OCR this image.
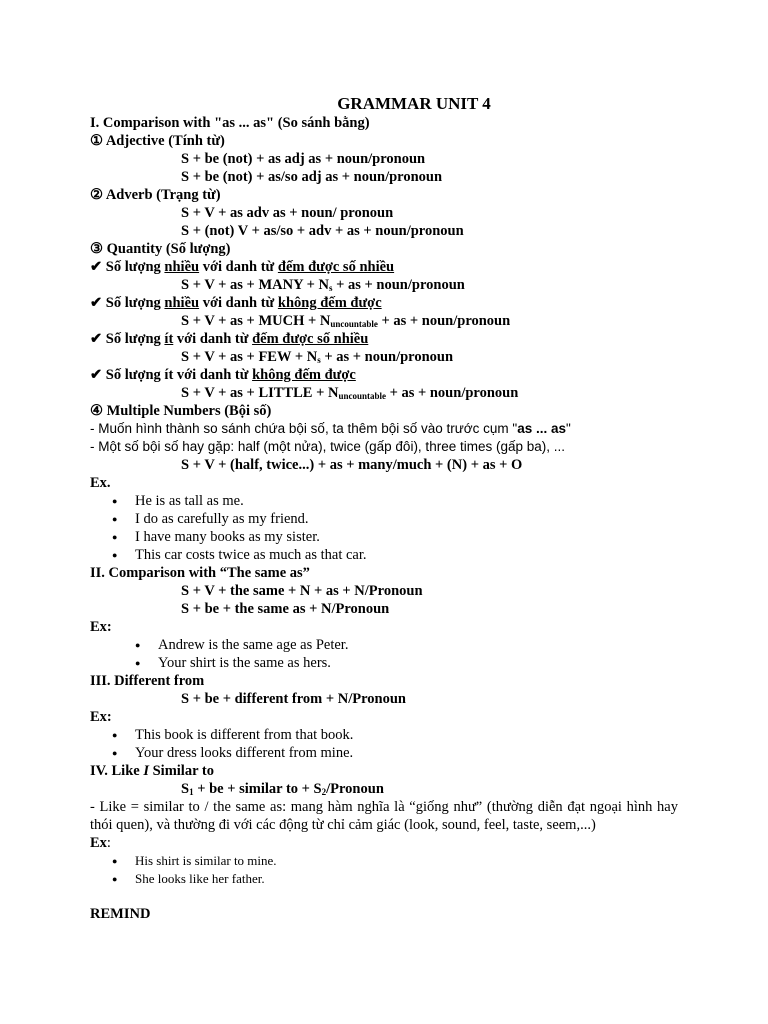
GRAMMAR UNIT 4
I. Comparison with "as ... as" (So sánh bằng)
① Adjective (Tính từ)
S + be (not) + as adj as + noun/pronoun
S + be (not) + as/so adj as + noun/pronoun
② Adverb (Trạng từ)
S + V + as adv as + noun/ pronoun
S + (not) V + as/so + adv + as + noun/pronoun
③ Quantity (Số lượng)
✔ Số lượng nhiều với danh từ đếm được số nhiều
S + V + as + MANY + $N_s$ + as + noun/pronoun
✔ Số lượng nhiều với danh từ không đếm được
S + V + as + MUCH + $N_{uncountable}$ + as + noun/pronoun
✔ Số lượng ít với danh từ đếm được số nhiều
S + V + as + FEW + $N_s$ + as + noun/pronoun
✔ Số lượng ít với danh từ không đếm được
S + V + as + LITTLE + $N_{uncountable}$ + as + noun/pronoun
④ Multiple Numbers (Bội số)
- Muốn hình thành so sánh chứa bội số, ta thêm bội số vào trước cụm "as ... as"
- Một số bội số hay gặp: half (một nửa), twice (gấp đôi), three times (gấp ba), ...
S + V + (half, twice...) + as + many/much + (N) + as + O
Ex.
● He is as tall as me.
● I do as carefully as my friend.
● I have many books as my sister.
● This car costs twice as much as that car.
II. Comparison with “The same as”
S + V + the same + N + as + N/Pronoun
S + be + the same as + N/Pronoun
Ex:
● Andrew is the same age as Peter.
● Your shirt is the same as hers.
III. Different from
S + be + different from + N/Pronoun
Ex:
● This book is different from that book.
● Your dress looks different from mine.
IV. Like I Similar to
$S_1$ + be + similar to + $S_2$/Pronoun
- Like = similar to / the same as: mang hàm nghĩa là “giống như” (thường diễn đạt ngoại hình hay thói quen), và thường đi với các động từ chỉ cảm giác (look, sound, feel, taste, seem,...)
Ex:
● His shirt is similar to mine.
● She looks like her father.
REMIND
